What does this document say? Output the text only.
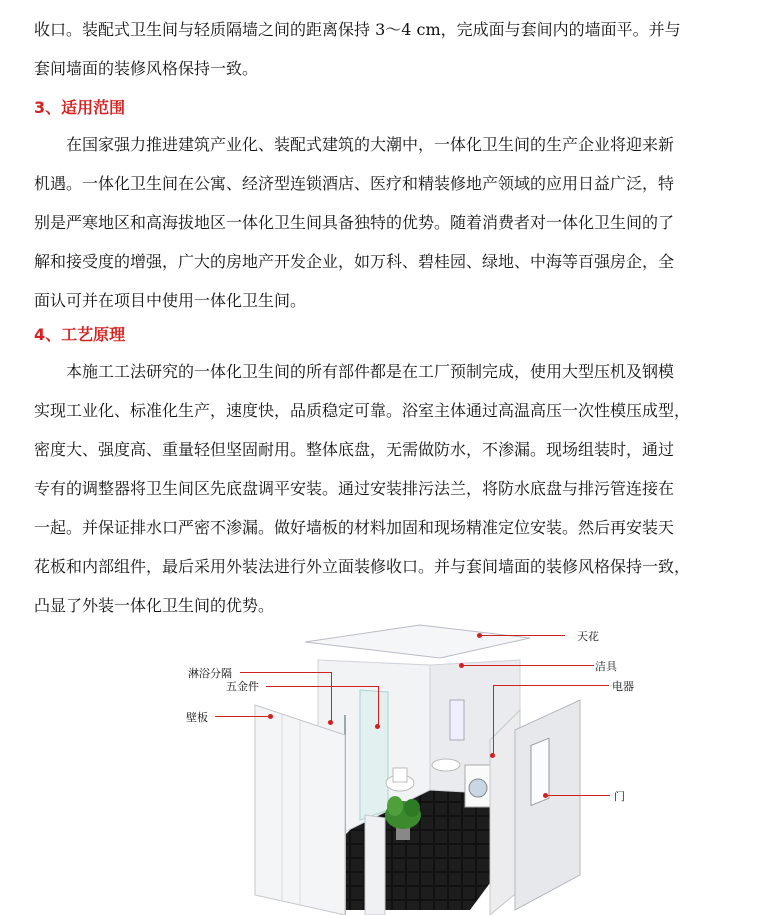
收口。装配式卫生间与轻质隔墙之间的距离保持 3～4 cm，完成面与套间内的墙面平。并与
套间墙面的装修风格保持一致。
3、适用范围
在国家强力推进建筑产业化、装配式建筑的大潮中，一体化卫生间的生产企业将迎来新
机遇。一体化卫生间在公寓、经济型连锁酒店、医疗和精装修地产领域的应用日益广泛，特
别是严寒地区和高海拔地区一体化卫生间具备独特的优势。随着消费者对一体化卫生间的了
解和接受度的增强，广大的房地产开发企业，如万科、碧桂园、绿地、中海等百强房企，全
面认可并在项目中使用一体化卫生间。
4、工艺原理
本施工工法研究的一体化卫生间的所有部件都是在工厂预制完成，使用大型压机及钢模
实现工业化、标准化生产，速度快，品质稳定可靠。浴室主体通过高温高压一次性模压成型，
密度大、强度高、重量轻但坚固耐用。整体底盘，无需做防水，不渗漏。现场组装时，通过
专有的调整器将卫生间区先底盘调平安装。通过安装排污法兰，将防水底盘与排污管连接在
一起。并保证排水口严密不渗漏。做好墙板的材料加固和现场精准定位安装。然后再安装天
花板和内部组件，最后采用外装法进行外立面装修收口。并与套间墙面的装修风格保持一致，
凸显了外装一体化卫生间的优势。
天花
洁具
电器
门
淋浴分隔
五金件
壁板
